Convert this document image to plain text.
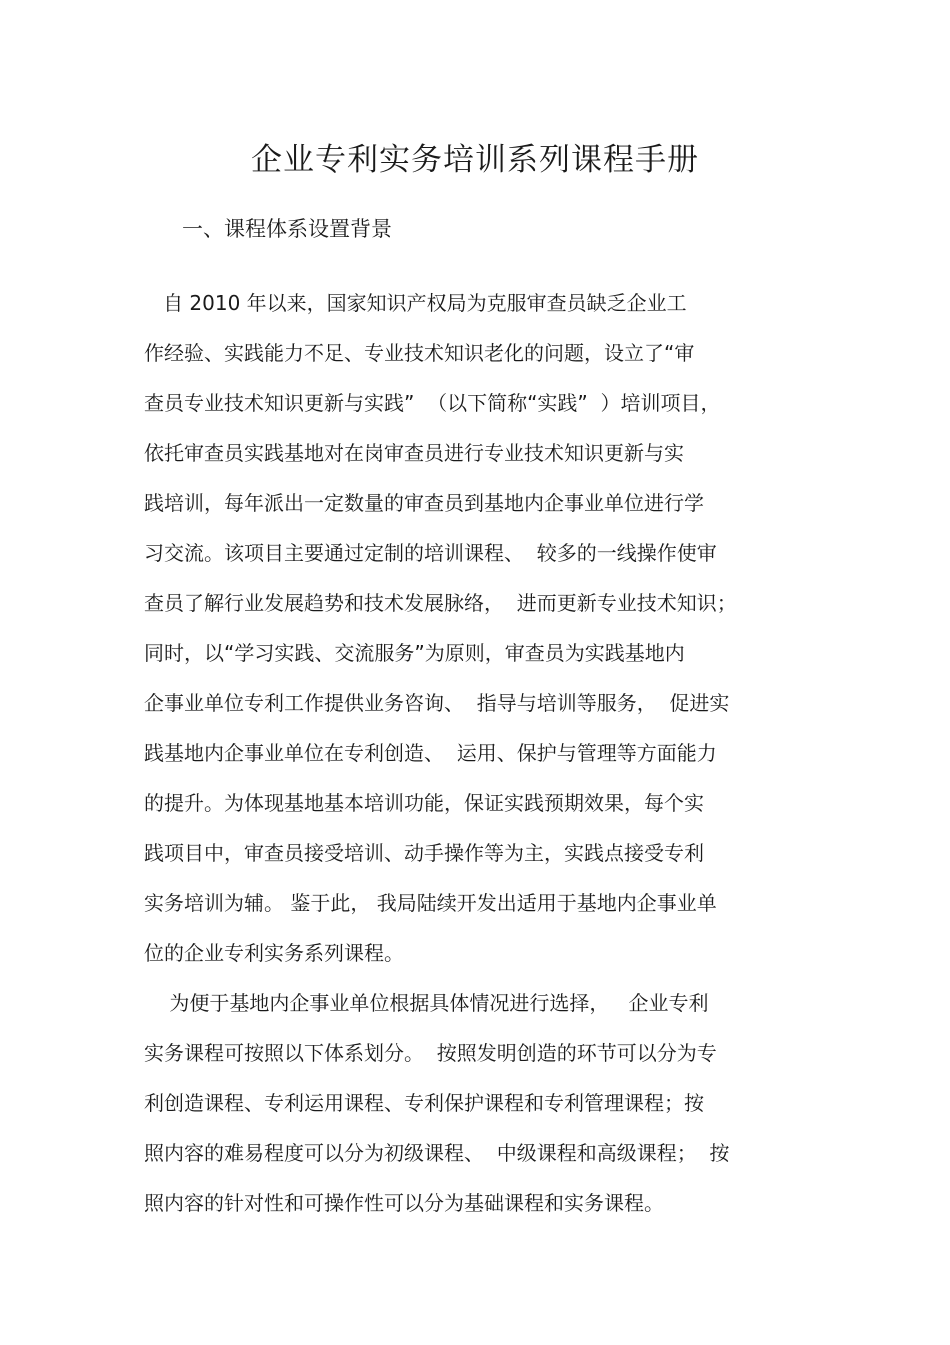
企业专利实务培训系列课程手册
一、课程体系设置背景

自 2010 年以来，国家知识产权局为克服审查员缺乏企业工

作经验、实践能力不足、专业技术知识老化的问题，设立了“审

查员专业技术知识更新与实践”  （以下简称“实践”  ）培训项目，

依托审查员实践基地对在岗审查员进行专业技术知识更新与实

践培训，每年派出一定数量的审查员到基地内企事业单位进行学

习交流。该项目主要通过定制的培训课程、  较多的一线操作使审

查员了解行业发展趋势和技术发展脉络，  进而更新专业技术知识；

同时，以“学习实践、交流服务”为原则，审查员为实践基地内

企事业单位专利工作提供业务咨询、  指导与培训等服务，  促进实

践基地内企事业单位在专利创造、  运用、保护与管理等方面能力

的提升。为体现基地基本培训功能，保证实践预期效果，每个实

践项目中，审查员接受培训、动手操作等为主，实践点接受专利

实务培训为辅。 鉴于此， 我局陆续开发出适用于基地内企事业单

位的企业专利实务系列课程。

为便于基地内企事业单位根据具体情况进行选择，   企业专利

实务课程可按照以下体系划分。  按照发明创造的环节可以分为专

利创造课程、专利运用课程、专利保护课程和专利管理课程；按

照内容的难易程度可以分为初级课程、  中级课程和高级课程；  按

照内容的针对性和可操作性可以分为基础课程和实务课程。
